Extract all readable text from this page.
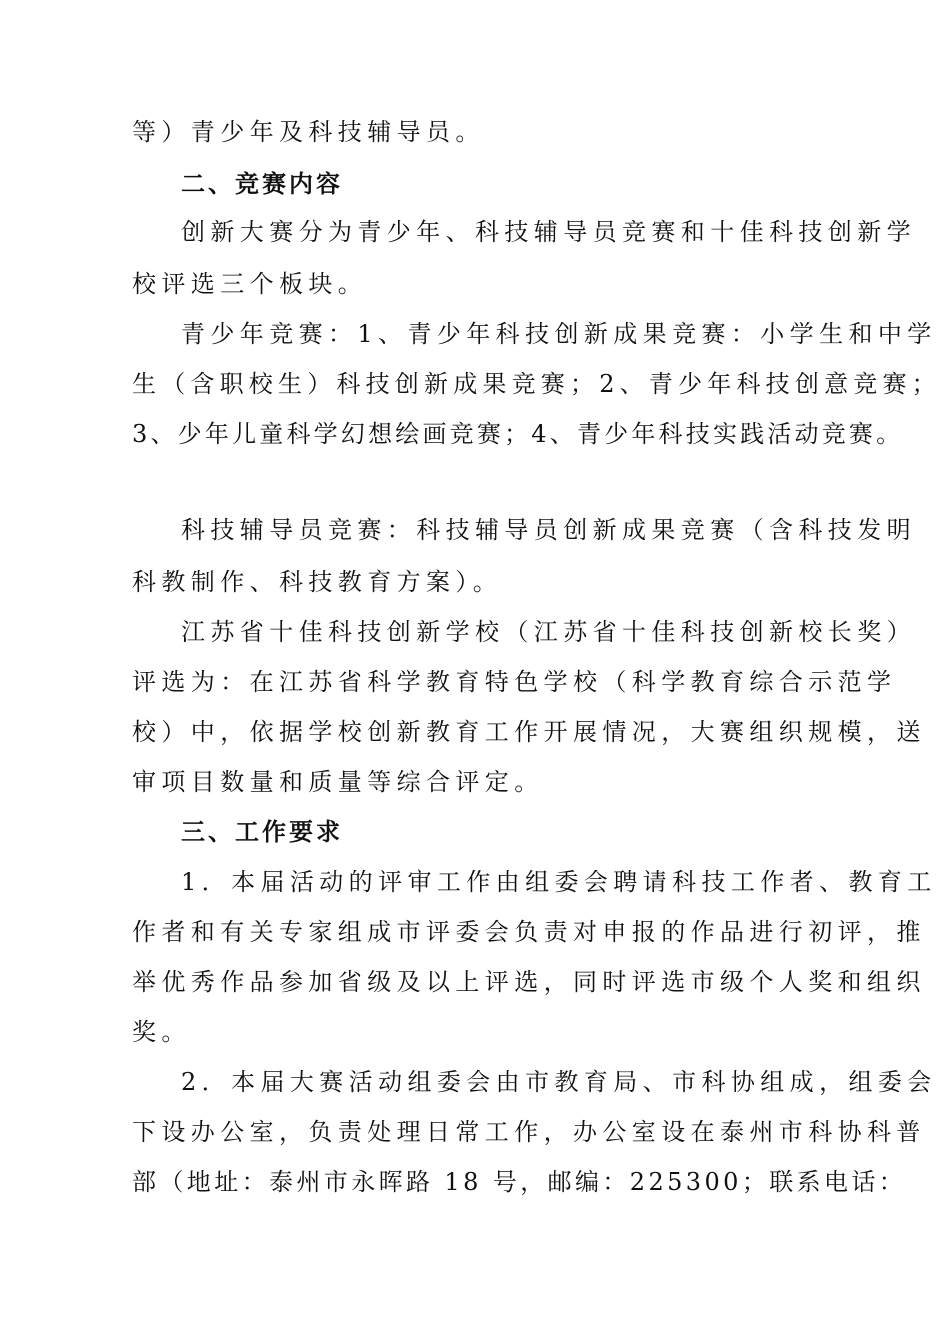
等）青少年及科技辅导员。
二、竞赛内容
创新大赛分为青少年、科技辅导员竞赛和十佳科技创新学
校评选三个板块。
青少年竞赛：1、青少年科技创新成果竞赛：小学生和中学
生（含职校生）科技创新成果竞赛；2、青少年科技创意竞赛；
3、少年儿童科学幻想绘画竞赛；4、青少年科技实践活动竞赛。
科技辅导员竞赛：科技辅导员创新成果竞赛（含科技发明
科教制作、科技教育方案）。
江苏省十佳科技创新学校（江苏省十佳科技创新校长奖）
评选为：在江苏省科学教育特色学校（科学教育综合示范学
校）中，依据学校创新教育工作开展情况，大赛组织规模，送
审项目数量和质量等综合评定。
三、工作要求
1．本届活动的评审工作由组委会聘请科技工作者、教育工
作者和有关专家组成市评委会负责对申报的作品进行初评，推
举优秀作品参加省级及以上评选，同时评选市级个人奖和组织
奖。
2．本届大赛活动组委会由市教育局、市科协组成，组委会
下设办公室，负责处理日常工作，办公室设在泰州市科协科普
部（地址：泰州市永晖路 18 号，邮编：225300；联系电话：
